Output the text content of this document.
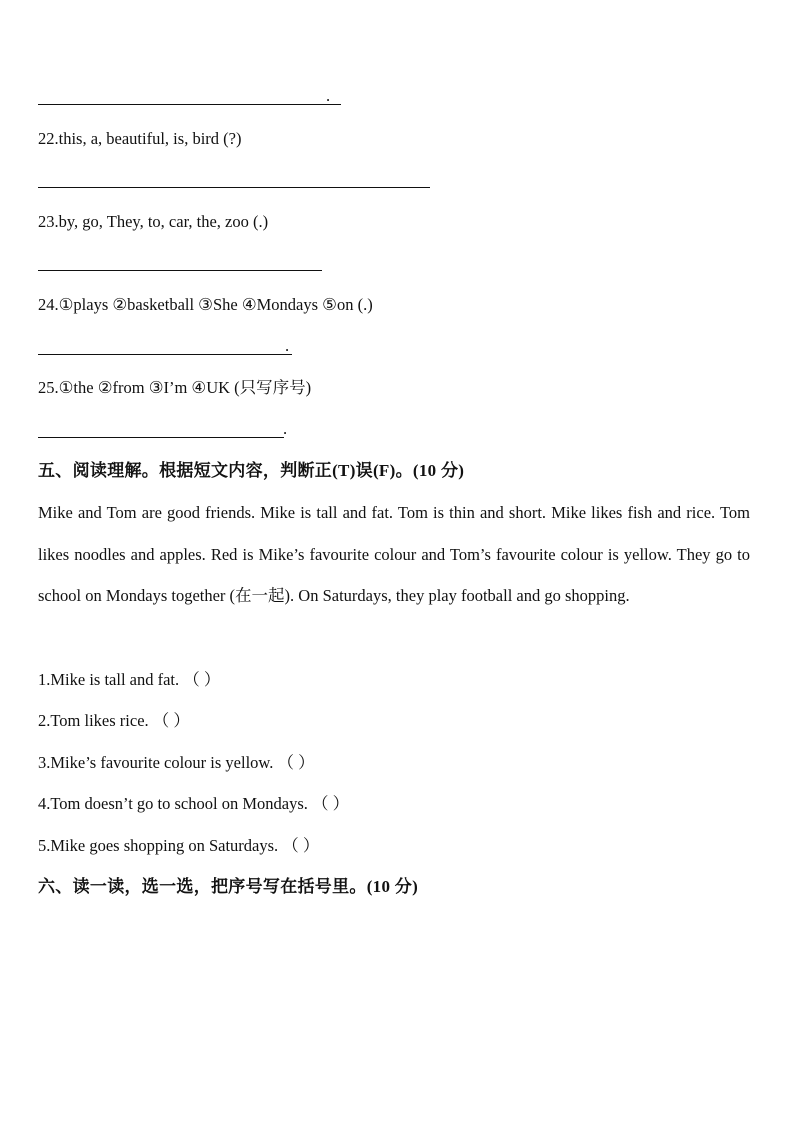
.
22.this, a, beautiful, is, bird (?)
23.by, go, They, to, car, the, zoo (.)
24.①plays ②basketball ③She ④Mondays ⑤on (.)
.
25.①the ②from ③I’m ④UK (只写序号)
.
五、阅读理解。根据短文内容，判断正(T)误(F)。(10 分)
Mike and Tom are good friends. Mike is tall and fat. Tom is thin and short. Mike likes fish and rice. Tom likes noodles and apples. Red is Mike’s favourite colour and Tom’s favourite colour is yellow. They go to school on Mondays together (在一起). On Saturdays, they play football and go shopping.
1.Mike is tall and fat. （ ）
2.Tom likes rice. （ ）
3.Mike’s favourite colour is yellow. （ ）
4.Tom doesn’t go to school on Mondays. （ ）
5.Mike goes shopping on Saturdays. （ ）
六、读一读，选一选，把序号写在括号里。(10 分)
